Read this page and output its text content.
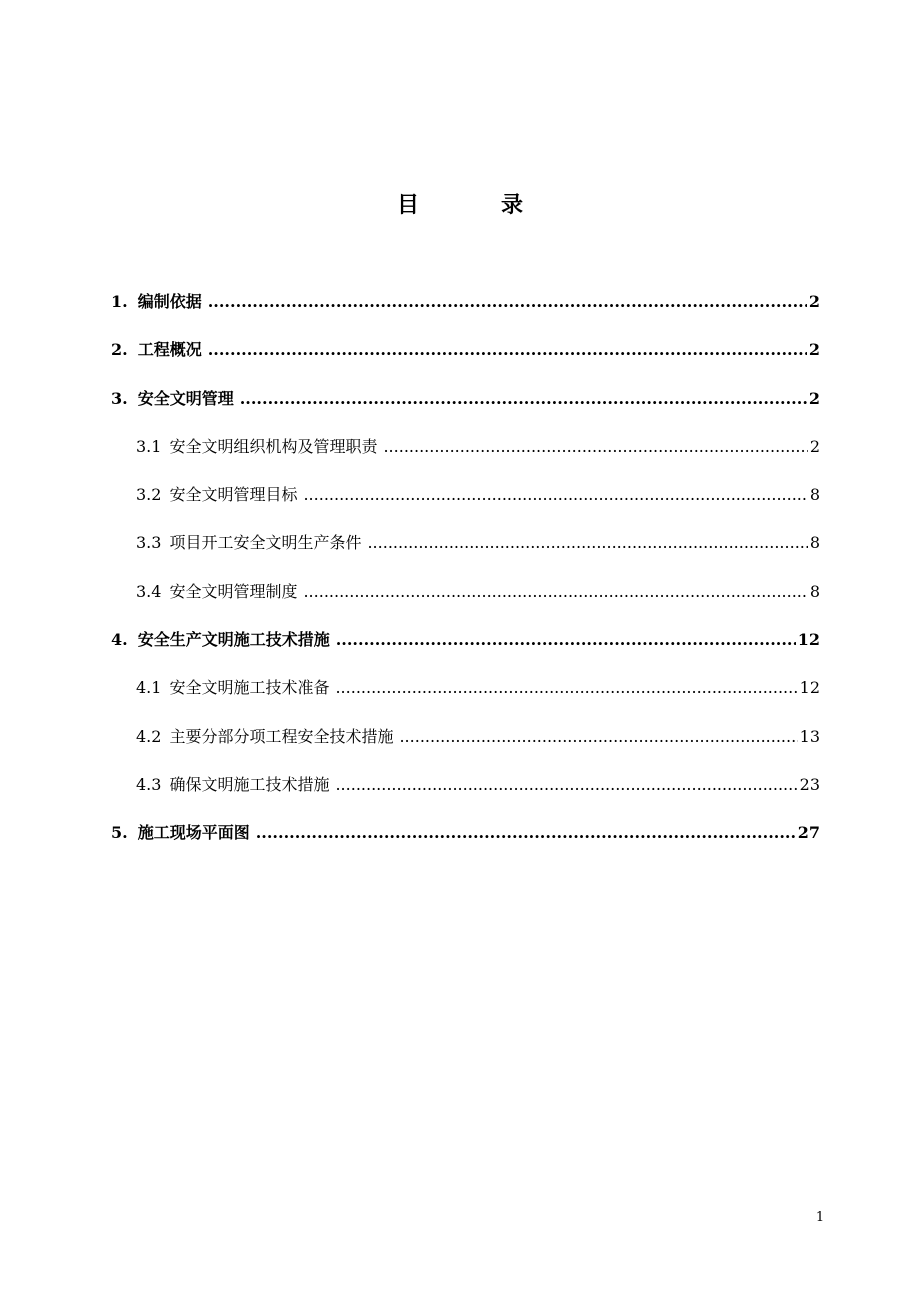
目　录
1. 编制依据 .....	2
2. 工程概况 .....	2
3. 安全文明管理 .....	2
3.1 安全文明组织机构及管理职责 .....	2
3.2 安全文明管理目标 .....	8
3.3 项目开工安全文明生产条件 .....	8
3.4 安全文明管理制度 .....	8
4. 安全生产文明施工技术措施 .....	12
4.1 安全文明施工技术准备 .....	12
4.2 主要分部分项工程安全技术措施 .....	13
4.3 确保文明施工技术措施 .....	23
5. 施工现场平面图 .....	27
1
